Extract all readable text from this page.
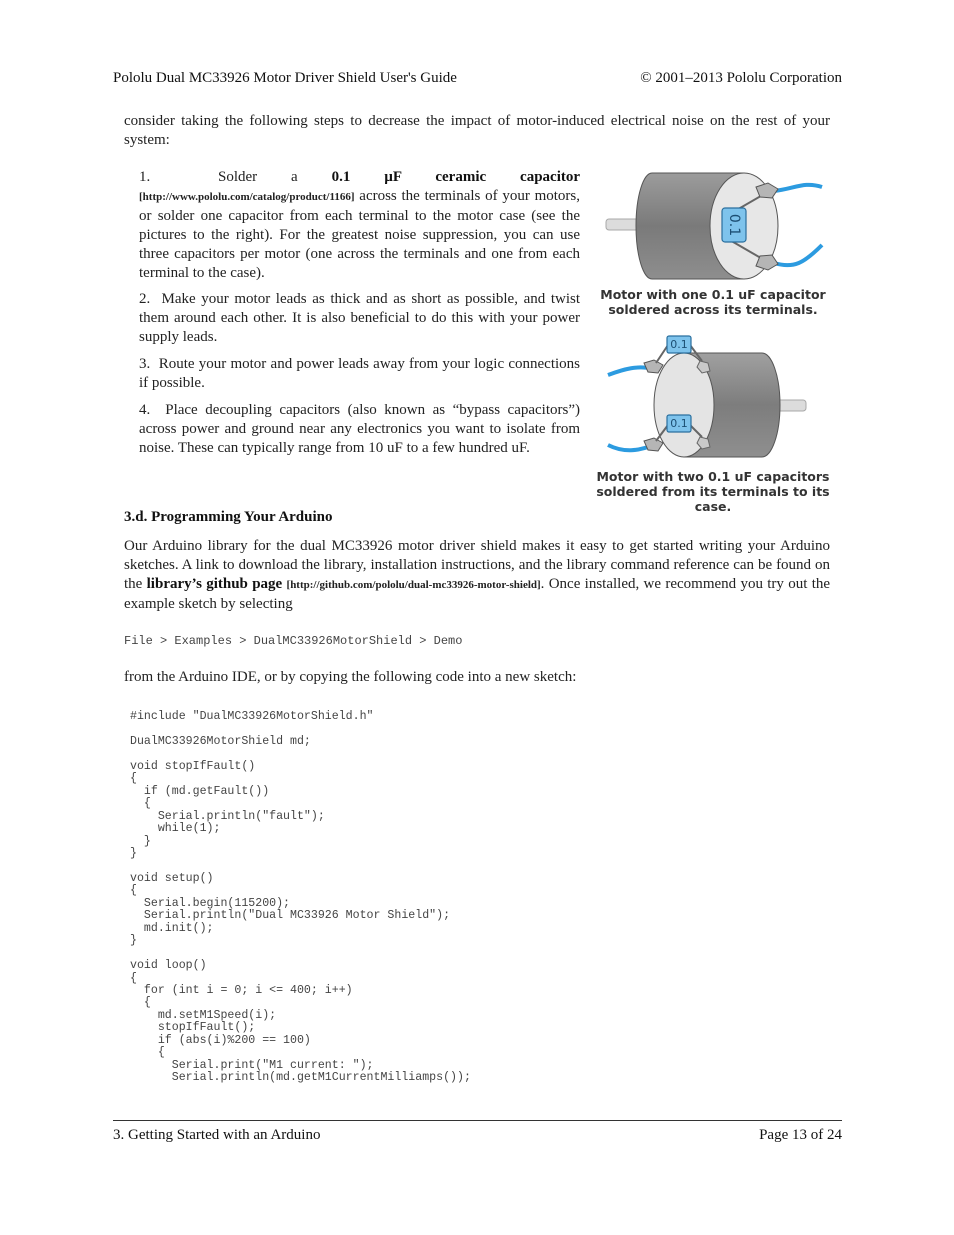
Pololu Dual MC33926 Motor Driver Shield User's Guide	© 2001–2013 Pololu Corporation
consider taking the following steps to decrease the impact of motor-induced electrical noise on the rest of your system:

1.	Solder a 0.1 µF ceramic capacitor [http://www.pololu.com/catalog/product/1166] across the terminals of your motors, or solder one capacitor from each terminal to the motor case (see the pictures to the right). For the greatest noise suppression, you can use three capacitors per motor (one across the terminals and one from each terminal to the case).

2. Make your motor leads as thick and as short as possible, and twist them around each other. It is also beneficial to do this with your power supply leads.

3. Route your motor and power leads away from your logic connections if possible.

4. Place decoupling capacitors (also known as “bypass capacitors”) across power and ground near any electronics you want to isolate from noise. These can typically range from 10 uF to a few hundred uF.

0.1
Motor with one 0.1 uF capacitor soldered across its terminals.
0.1
0.1
Motor with two 0.1 uF capacitors soldered from its terminals to its case.
3.d. Programming Your Arduino
Our Arduino library for the dual MC33926 motor driver shield makes it easy to get started writing your Arduino sketches. A link to download the library, installation instructions, and the library command reference can be found on the library’s github page [http://github.com/pololu/dual-mc33926-motor-shield]. Once installed, we recommend you try out the example sketch by selecting
File > Examples > DualMC33926MotorShield > Demo
from the Arduino IDE, or by copying the following code into a new sketch:
#include "DualMC33926MotorShield.h"

DualMC33926MotorShield md;

void stopIfFault()
{
if (md.getFault())
{
Serial.println("fault");
while(1);
}
}

void setup()
{
Serial.begin(115200);
Serial.println("Dual MC33926 Motor Shield");
md.init();
}

void loop()
{
for (int i = 0; i <= 400; i++)
{
md.setM1Speed(i);
stopIfFault();
if (abs(i)%200 == 100)
{
Serial.print("M1 current: ");
Serial.println(md.getM1CurrentMilliamps());
3. Getting Started with an Arduino	Page 13 of 24
